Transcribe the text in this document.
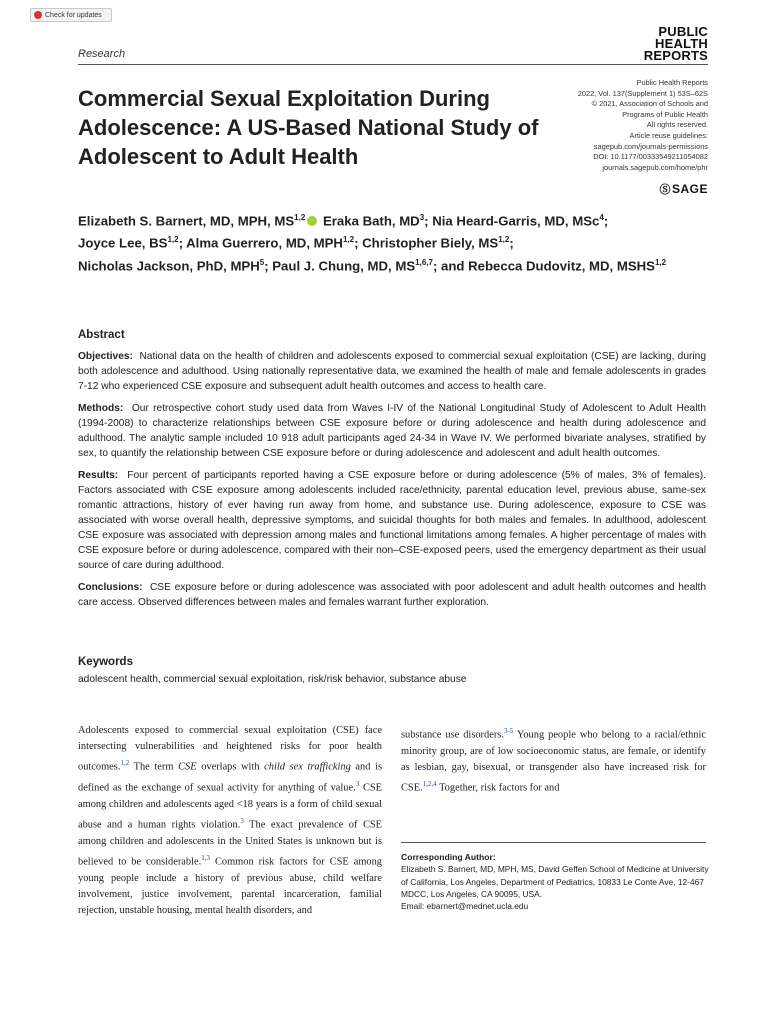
Check for updates
Research
PUBLIC
HEALTH
REPORTS
Commercial Sexual Exploitation During Adolescence: A US-Based National Study of Adolescent to Adult Health
Public Health Reports
2022, Vol. 137(Supplement 1) 53S–62S
© 2021, Association of Schools and
Programs of Public Health
All rights reserved.
Article reuse guidelines:
sagepub.com/journals-permissions
DOI: 10.1177/00333549211054082
journals.sagepub.com/home/phr
ⓈSAGE
Elizabeth S. Barnert, MD, MPH, MS$^{1,2}$ Eraka Bath, $MD^3$; Nia Heard-Garris, MD, MSc$^4$;
Joyce Lee, BS$^{1,2}$; Alma Guerrero, MD, MPH$^{1,2}$; Christopher Biely, MS$^{1,2}$;
Nicholas Jackson, PhD, MPH$^5$; Paul J. Chung, MD, MS$^{1,6,7}$; and Rebecca Dudovitz, MD, MSHS$^{1,2}$
Abstract

Objectives: National data on the health of children and adolescents exposed to commercial sexual exploitation (CSE) are lacking, during both adolescence and adulthood. Using nationally representative data, we examined the health of male and female adolescents in grades 7-12 who experienced CSE exposure and subsequent adult health outcomes and access to health care.

Methods: Our retrospective cohort study used data from Waves I-IV of the National Longitudinal Study of Adolescent to Adult Health (1994-2008) to characterize relationships between CSE exposure before or during adolescence and health during adolescence and adulthood. The analytic sample included 10 918 adult participants aged 24-34 in Wave IV. We performed bivariate analyses, stratified by sex, to quantify the relationship between CSE exposure before or during adolescence and adolescent and adult health outcomes.

Results: Four percent of participants reported having a CSE exposure before or during adolescence (5% of males, 3% of females). Factors associated with CSE exposure among adolescents included race/ethnicity, parental education level, previous abuse, same-sex romantic attractions, history of ever having run away from home, and substance use. During adolescence, exposure to CSE was associated with worse overall health, depressive symptoms, and suicidal thoughts for both males and females. In adulthood, adolescent CSE exposure was associated with depression among males and functional limitations among females. A higher percentage of males with CSE exposure before or during adolescence, compared with their non–CSE-exposed peers, used the emergency department as their usual source of care during adulthood.

Conclusions: CSE exposure before or during adolescence was associated with poor adolescent and adult health outcomes and health care access. Observed differences between males and females warrant further exploration.

Keywords
adolescent health, commercial sexual exploitation, risk/risk behavior, substance abuse
Adolescents exposed to commercial sexual exploitation (CSE) face intersecting vulnerabilities and heightened risks for poor health outcomes.$^{1,2}$ The term CSE overlaps with child sex trafficking and is defined as the exchange of sexual activity for anything of value.$^3$ CSE among children and adolescents aged <18 years is a form of child sexual abuse and a human rights violation.$^3$ The exact prevalence of CSE among children and adolescents in the United States is unknown but is believed to be considerable.$^{1,3}$ Common risk factors for CSE among young people include a history of previous abuse, child welfare involvement, justice involvement, parental incarceration, familial rejection, unstable housing, mental health disorders, and
substance use disorders.$^{3-5}$ Young people who belong to a racial/ethnic minority group, are of low socioeconomic status, are female, or identify as lesbian, gay, bisexual, or transgender also have increased risk for CSE.$^{1,2,4}$ Together, risk factors for and
Corresponding Author:
Elizabeth S. Barnert, MD, MPH, MS, David Geffen School of Medicine at University of California, Los Angeles, Department of Pediatrics, 10833 Le Conte Ave, 12-467 MDCC, Los Angeles, CA 90095, USA.
Email: ebarnert@mednet.ucla.edu
